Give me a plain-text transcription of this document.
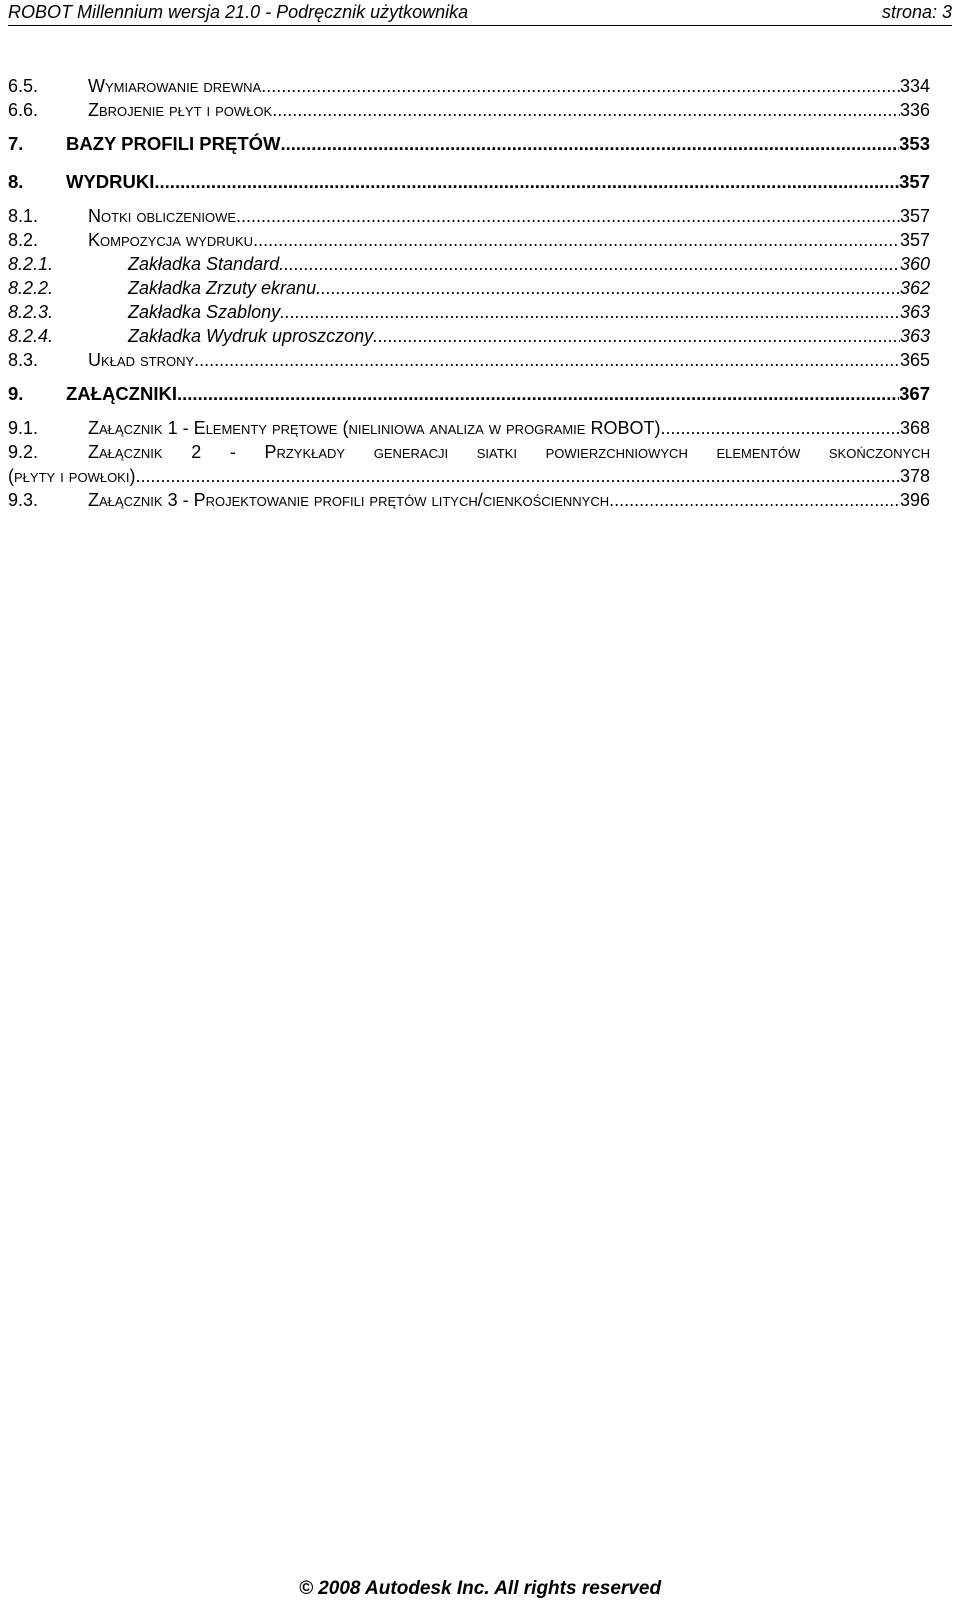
ROBOT Millennium wersja 21.0 - Podręcznik użytkownika	strona: 3
6.5.	Wymiarowanie drewna .....	334
6.6.	Zbrojenie płyt i powłok .....	336
7.	BAZY PROFILI PRĘTÓW .....	353
8.	WYDRUKI .....	357
8.1.	Notki obliczeniowe .....	357
8.2.	Kompozycja wydruku .....	357
8.2.1.	Zakładka Standard .....	360
8.2.2.	Zakładka Zrzuty ekranu .....	362
8.2.3.	Zakładka Szablony .....	363
8.2.4.	Zakładka Wydruk uproszczony .....	363
8.3.	Układ strony .....	365
9.	ZAŁĄCZNIKI .....	367
9.1.	Załącznik 1 - Elementy prętowe (nieliniowa analiza w programie ROBOT) .....	368
9.2.	Załącznik 2 - Przykłady generacji siatki powierzchniowych elementów skończonych
(płyty i powłoki) .....	378
9.3.	Załącznik 3 - Projektowanie profili prętów litych/cienkościennych .....	396
© 2008 Autodesk Inc. All rights reserved
